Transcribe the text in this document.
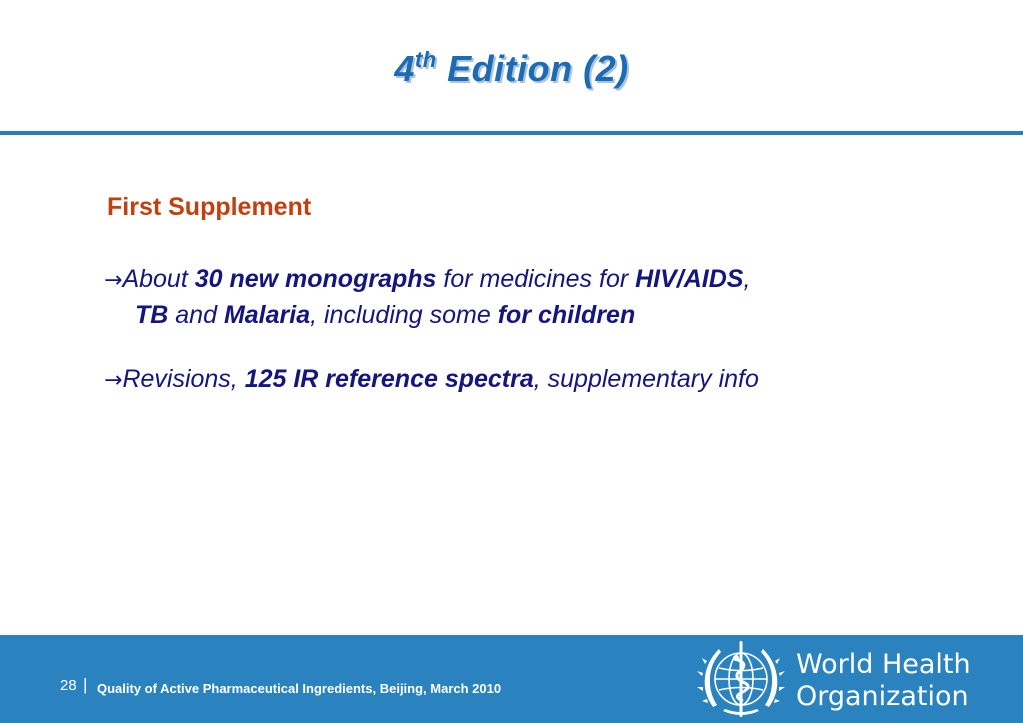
4th Edition (2)
First Supplement
→About 30 new monographs for medicines for HIV/AIDS,
TB and Malaria, including some for children
→Revisions, 125 IR reference spectra, supplementary info
28 | Quality of Active Pharmaceutical Ingredients, Beijing, March 2010
World Health
Organization
